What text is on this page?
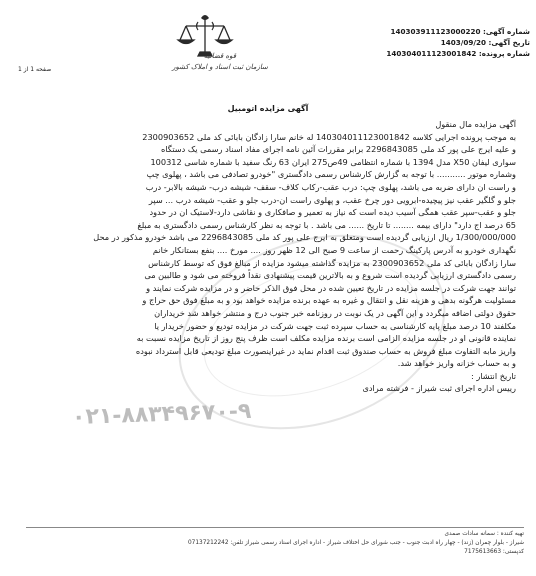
شماره آگهی: 140303911123000220
تاریخ آگهی: 1403/09/20
شماره پرونده: 140304011123001842
قوه قضائیه
سازمان ثبت اسناد و املاک کشور
صفحه 1 از 1
آگهی مزایده اتومبیل
آگهی مزایده مال منقول
به موجب پرونده اجرایی کلاسه 140304011123001842 له خانم سارا زادگان بابائی کد ملی 2300903652
و علیه ایرج علی پور کد ملی 2296843085 برابر مقررات آئین نامه اجرای مفاد اسناد رسمی یک دستگاه
سواری لیفان X50 مدل 1394 با شماره انتظامی 49ص275 ایران 63 رنگ سفید با شماره شاسی 100312
وشماره موتور ........... با توجه به گزارش کارشناس رسمی دادگستری "خودرو تصادفی می باشد ، پهلوی چپ
و راست ان دارای ضربه می باشد، پهلوی چپ: درب عقب-رکاب کلاف- سقف- شیشه درب- شیشه بالابر- درب
جلو و گلگیر عقب نیز پیچیده-ابرویی دور چرخ عقب، و پهلوی راست ان-درب جلو و عقب- شیشه درب ... سپر
جلو و عقب-سپر عقب همگی آسیب دیده است که نیاز به تعمیر و صافکاری و نقاشی دارد-لاستیک ان در حدود
65 درصد اج دارد" دارای بیمه ........ تا تاریخ ...... می باشد . با توجه به نظر کارشناس رسمی دادگستری به مبلغ
1/300/000/000 ریال ارزیابی گردیده است ومتعلق به ایرج علی پور کد ملی 2296843085 می باشد خودرو مذکور در محل
نگهداری خودرو به آدرس پارکینگ رحمت از ساعت 9 صبح الی 12 ظهر روز .... مورخ .... بنفع بستانکار خانم
سارا زادگان بابائی کد ملی 2300903652 به مزایده گذاشته میشود مزایده از مبالغ فوق که توسط کارشناس
رسمی دادگستری ارزیابی گردیده است شروع و به بالاترین قیمت پیشنهادی نقداً فروخته می شود و طالبین می
توانند جهت شرکت در جلسه مزایده در تاریخ تعیین شده در محل فوق الذکر حاضر و در مزایده شرکت نمایند و
مسئولیت هرگونه بدهی و هزینه نقل و انتقال و غیره به عهده برنده مزایده خواهد بود و به مبلغ فوق حق حراج و
حقوق دولتی اضافه میگردد و این آگهی در یک نوبت در روزنامه خبر جنوب درج و منتشر خواهد شد خریداران
مکلفند 10 درصد مبلغ پایه کارشناسی به حساب سپرده ثبت جهت شرکت در مزایده تودیع و حضور خریدار یا
نماینده قانونی او در جلسه مزایده الزامی است برنده مزایده مکلف است ظرف پنج روز از تاریخ مزایده نسبت به
واریز مابه التفاوت مبلغ فروش به حساب صندوق ثبت اقدام نماید در غیراینصورت مبلغ تودیعی قابل استرداد نبوده
و به حساب خزانه واریز خواهد شد.
تاریخ انتشار :
رییس اداره اجرای ثبت شیراز - فرشته مرادی
۰۲۱-۸۸۳۴۹۶۷۰-۹
تهیه کننده : سمانه سادات صمدی
شیراز - بلوار چمران (زند) - چهار راه ادبت جنوب - جنب شورای حل اختلاف شیراز - اداره اجرای اسناد رسمی شیراز تلفن: 07137212242
کدپستی: 7175613663
